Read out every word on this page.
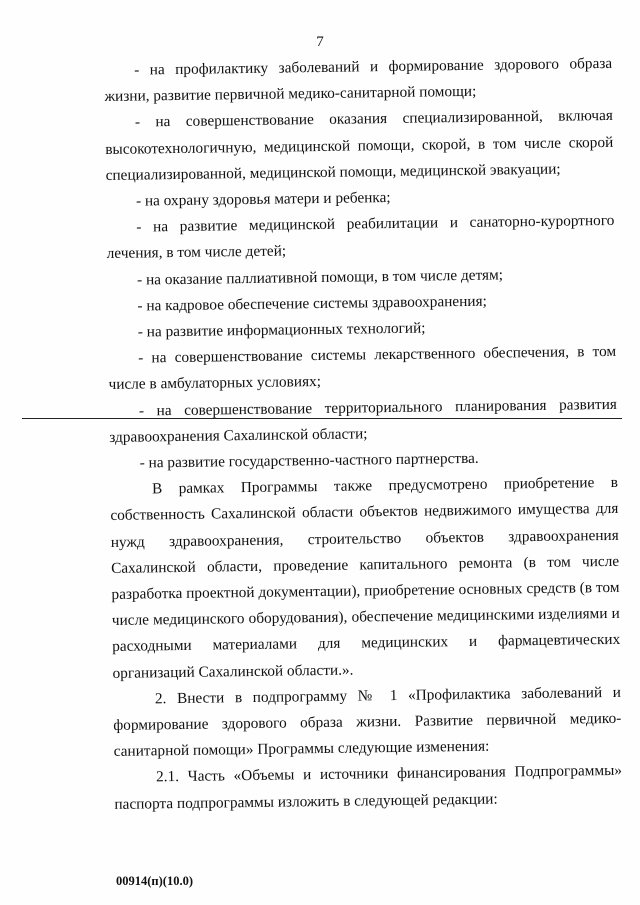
7

- на профилактику заболеваний и формирование здорового образа жизни, развитие первичной медико-санитарной помощи;

- на совершенствование оказания специализированной, включая высокотехнологичную, медицинской помощи, скорой, в том числе скорой специализированной, медицинской помощи, медицинской эвакуации;

- на охрану здоровья матери и ребенка;

- на развитие медицинской реабилитации и санаторно-курортного лечения, в том числе детей;

- на оказание паллиативной помощи, в том числе детям;

- на кадровое обеспечение системы здравоохранения;

- на развитие информационных технологий;

- на совершенствование системы лекарственного обеспечения, в том числе в амбулаторных условиях;

- на совершенствование территориального планирования развития здравоохранения Сахалинской области;

- на развитие государственно-частного партнерства.

В рамках Программы также предусмотрено приобретение в собственность Сахалинской области объектов недвижимого имущества для нужд здравоохранения, строительство объектов здравоохранения Сахалинской области, проведение капитального ремонта (в том числе разработка проектной документации), приобретение основных средств (в том числе медицинского оборудования), обеспечение медицинскими изделиями и расходными материалами для медицинских и фармацевтических организаций Сахалинской области.».

2. Внести в подпрограмму № 1 «Профилактика заболеваний и формирование здорового образа жизни. Развитие первичной медико-санитарной помощи» Программы следующие изменения:

2.1. Часть «Объемы и источники финансирования Подпрограммы» паспорта подпрограммы изложить в следующей редакции:

00914(п)(10.0)
